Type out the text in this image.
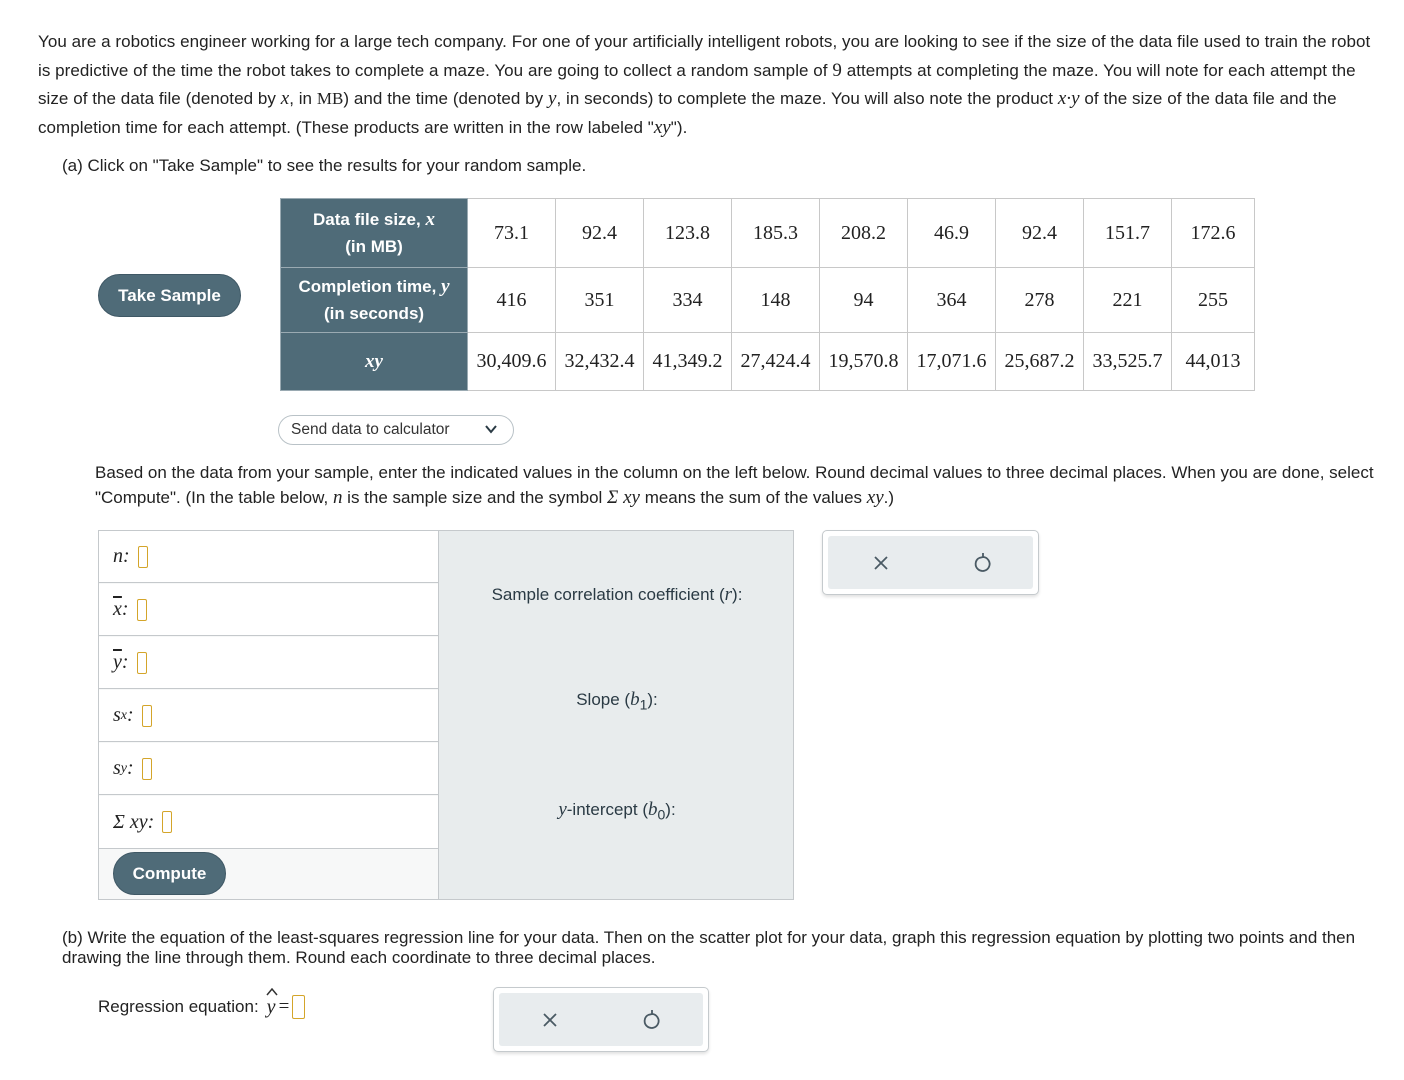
You are a robotics engineer working for a large tech company. For one of your artificially intelligent robots, you are looking to see if the size of the data file used to train the robot is predictive of the time the robot takes to complete a maze. You are going to collect a random sample of 9 attempts at completing the maze. You will note for each attempt the size of the data file (denoted by x, in MB) and the time (denoted by y, in seconds) to complete the maze. You will also note the product x·y of the size of the data file and the completion time for each attempt. (These products are written in the row labeled "xy").
(a) Click on "Take Sample" to see the results for your random sample.
Take Sample
Data file size, x
(in MB)	73.1	92.4	123.8	185.3	208.2	46.9	92.4	151.7	172.6
Completion time, y
(in seconds)	416	351	334	148	94	364	278	221	255
xy	30,409.6	32,432.4	41,349.2	27,424.4	19,570.8	17,071.6	25,687.2	33,525.7	44,013
Send data to calculator
Based on the data from your sample, enter the indicated values in the column on the left below. Round decimal values to three decimal places. When you are done, select "Compute". (In the table below, n is the sample size and the symbol Σ xy means the sum of the values xy.)
n:
$\overline{x}$ :
$\overline{y}$ :
s x :
s y :
Σ xy:
Compute
Sample correlation coefficient (r):
Slope $(b_1)$:
y-intercept $(b_0)$:
(b) Write the equation of the least-squares regression line for your data. Then on the scatter plot for your data, graph this regression equation by plotting two points and then drawing the line through them. Round each coordinate to three decimal places.
Regression equation: y =
